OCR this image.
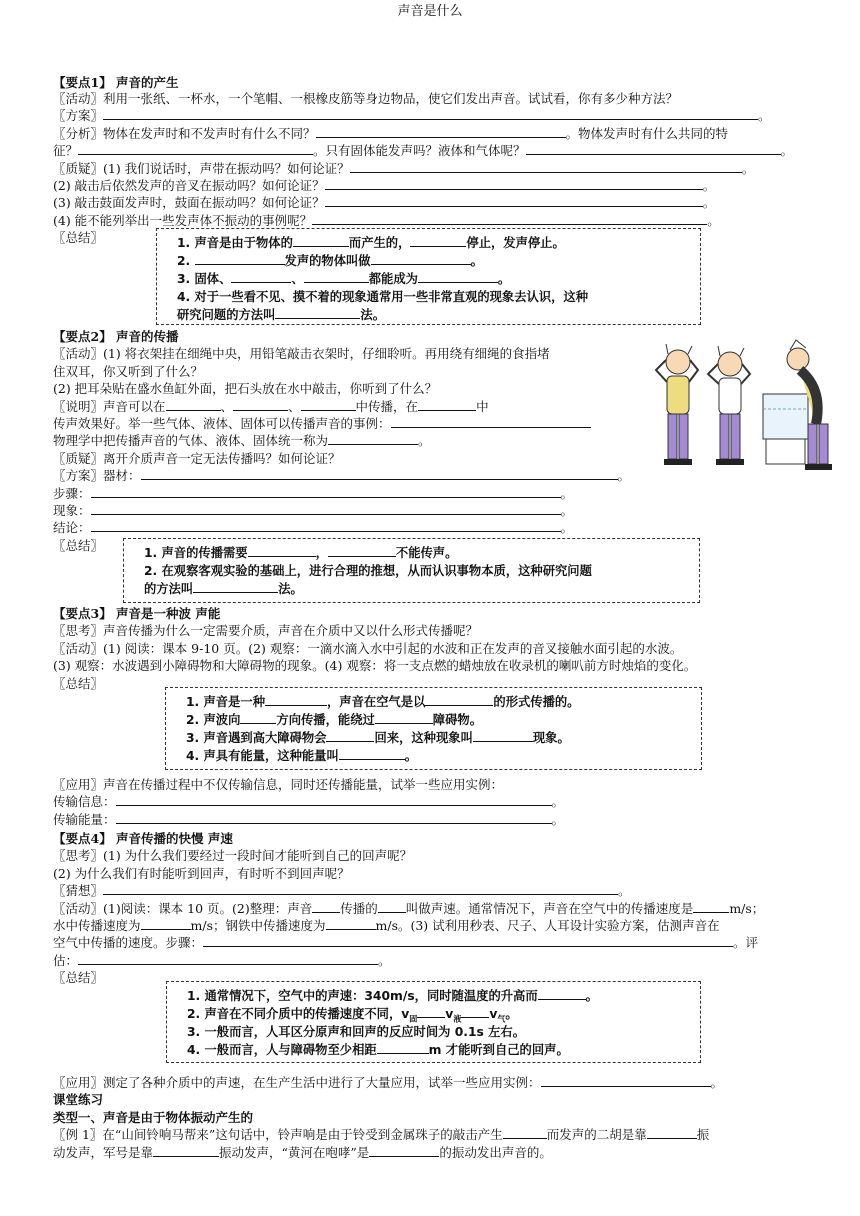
声音是什么
【要点1】 声音的产生
〖活动〗利用一张纸、一杯水，一个笔帽、一根橡皮筋等身边物品，使它们发出声音。试试看，你有多少种方法？
〖方案〗	。
〖分析〗物体在发声时和不发声时有什么不同？	。物体发声时有什么共同的特
征？	。只有固体能发声吗？液体和气体呢？	。
〖质疑〗(1) 我们说话时，声带在振动吗？如何论证？	。
(2) 敲击后依然发声的音叉在振动吗？如何论证？	。
(3) 敲击鼓面发声时，鼓面在振动吗？如何论证？	。
(4) 能不能列举出一些发声体不振动的事例呢？	。
〖总结〗	1. 声音是由于物体的	而产生的，	停止，发声停止。
2.	发声的物体叫做	。
3. 固体、	、	都能成为	。
4. 对于一些看不见、摸不着的现象通常用一些非常直观的现象去认识，这种
研究问题的方法叫	法。
【要点2】 声音的传播
〖活动〗(1) 将衣架挂在细绳中央，用铅笔敲击衣架时，仔细聆听。再用绕有细绳的食指堵
住双耳，你又听到了什么？
(2) 把耳朵贴在盛水鱼缸外面，把石头放在水中敲击，你听到了什么？
〖说明〗声音可以在	、	、	中传播，在	中
传声效果好。举一些气体、液体、固体可以传播声音的事例：
物理学中把传播声音的气体、液体、固体统一称为	。
〖质疑〗离开介质声音一定无法传播吗？如何论证？
〖方案〗器材：	。
步骤：	。
现象：	。
结论：	。
〖总结〗
1. 声音的传播需要	，	不能传声。
2. 在观察客观实验的基础上，进行合理的推想，从而认识事物本质，这种研究问题
的方法叫	法。
【要点3】 声音是一种波 声能
〖思考〗声音传播为什么一定需要介质，声音在介质中又以什么形式传播呢？
〖活动〗(1) 阅读：课本 9-10 页。(2) 观察：一滴水滴入水中引起的水波和正在发声的音叉接触水面引起的水波。
(3) 观察：水波遇到小障碍物和大障碍物的现象。(4) 观察：将一支点燃的蜡烛放在收录机的喇叭前方时烛焰的变化。
〖总结〗
1. 声音是一种	，声音在空气是以	的形式传播的。
2. 声波向	方向传播，能绕过	障碍物。
3. 声音遇到高大障碍物会	回来，这种现象叫	现象。
4. 声具有能量，这种能量叫	。
〖应用〗声音在传播过程中不仅传输信息，同时还传播能量，试举一些应用实例：
传输信息：	。
传输能量：	。
【要点4】 声音传播的快慢 声速
〖思考〗(1) 为什么我们要经过一段时间才能听到自己的回声呢？
(2) 为什么我们有时能听到回声，有时听不到回声呢？
〖猜想〗	。
〖活动〗(1)阅读：课本 10 页。(2)整理：声音 传播的 叫做声速。通常情况下，声音在空气中的传播速度是	m/s；
水中传播速度为	m/s；钢铁中传播速度为	m/s。(3) 试利用秒表、尺子、人耳设计实验方案，估测声音在
空气中传播的速度。步骤：	。评
估：	。
〖总结〗
1. 通常情况下，空气中的声速：340m/s，同时随温度的升高而	。
2. 声音在不同介质中的传播速度不同，$v_固$ $v_液$ $v_气$。
3. 一般而言，人耳区分原声和回声的反应时间为 0.1s 左右。
4. 一般而言，人与障碍物至少相距	m 才能听到自己的回声。
〖应用〗测定了各种介质中的声速，在生产生活中进行了大量应用，试举一些应用实例：	。
课堂练习
类型一、声音是由于物体振动产生的
〖例 1〗在“山间铃响马帮来”这句话中，铃声响是由于铃受到金属珠子的敲击产生	而发声的二胡是靠	振
动发声，军号是靠	振动发声，“黄河在咆哮”是	的振动发出声音的。
